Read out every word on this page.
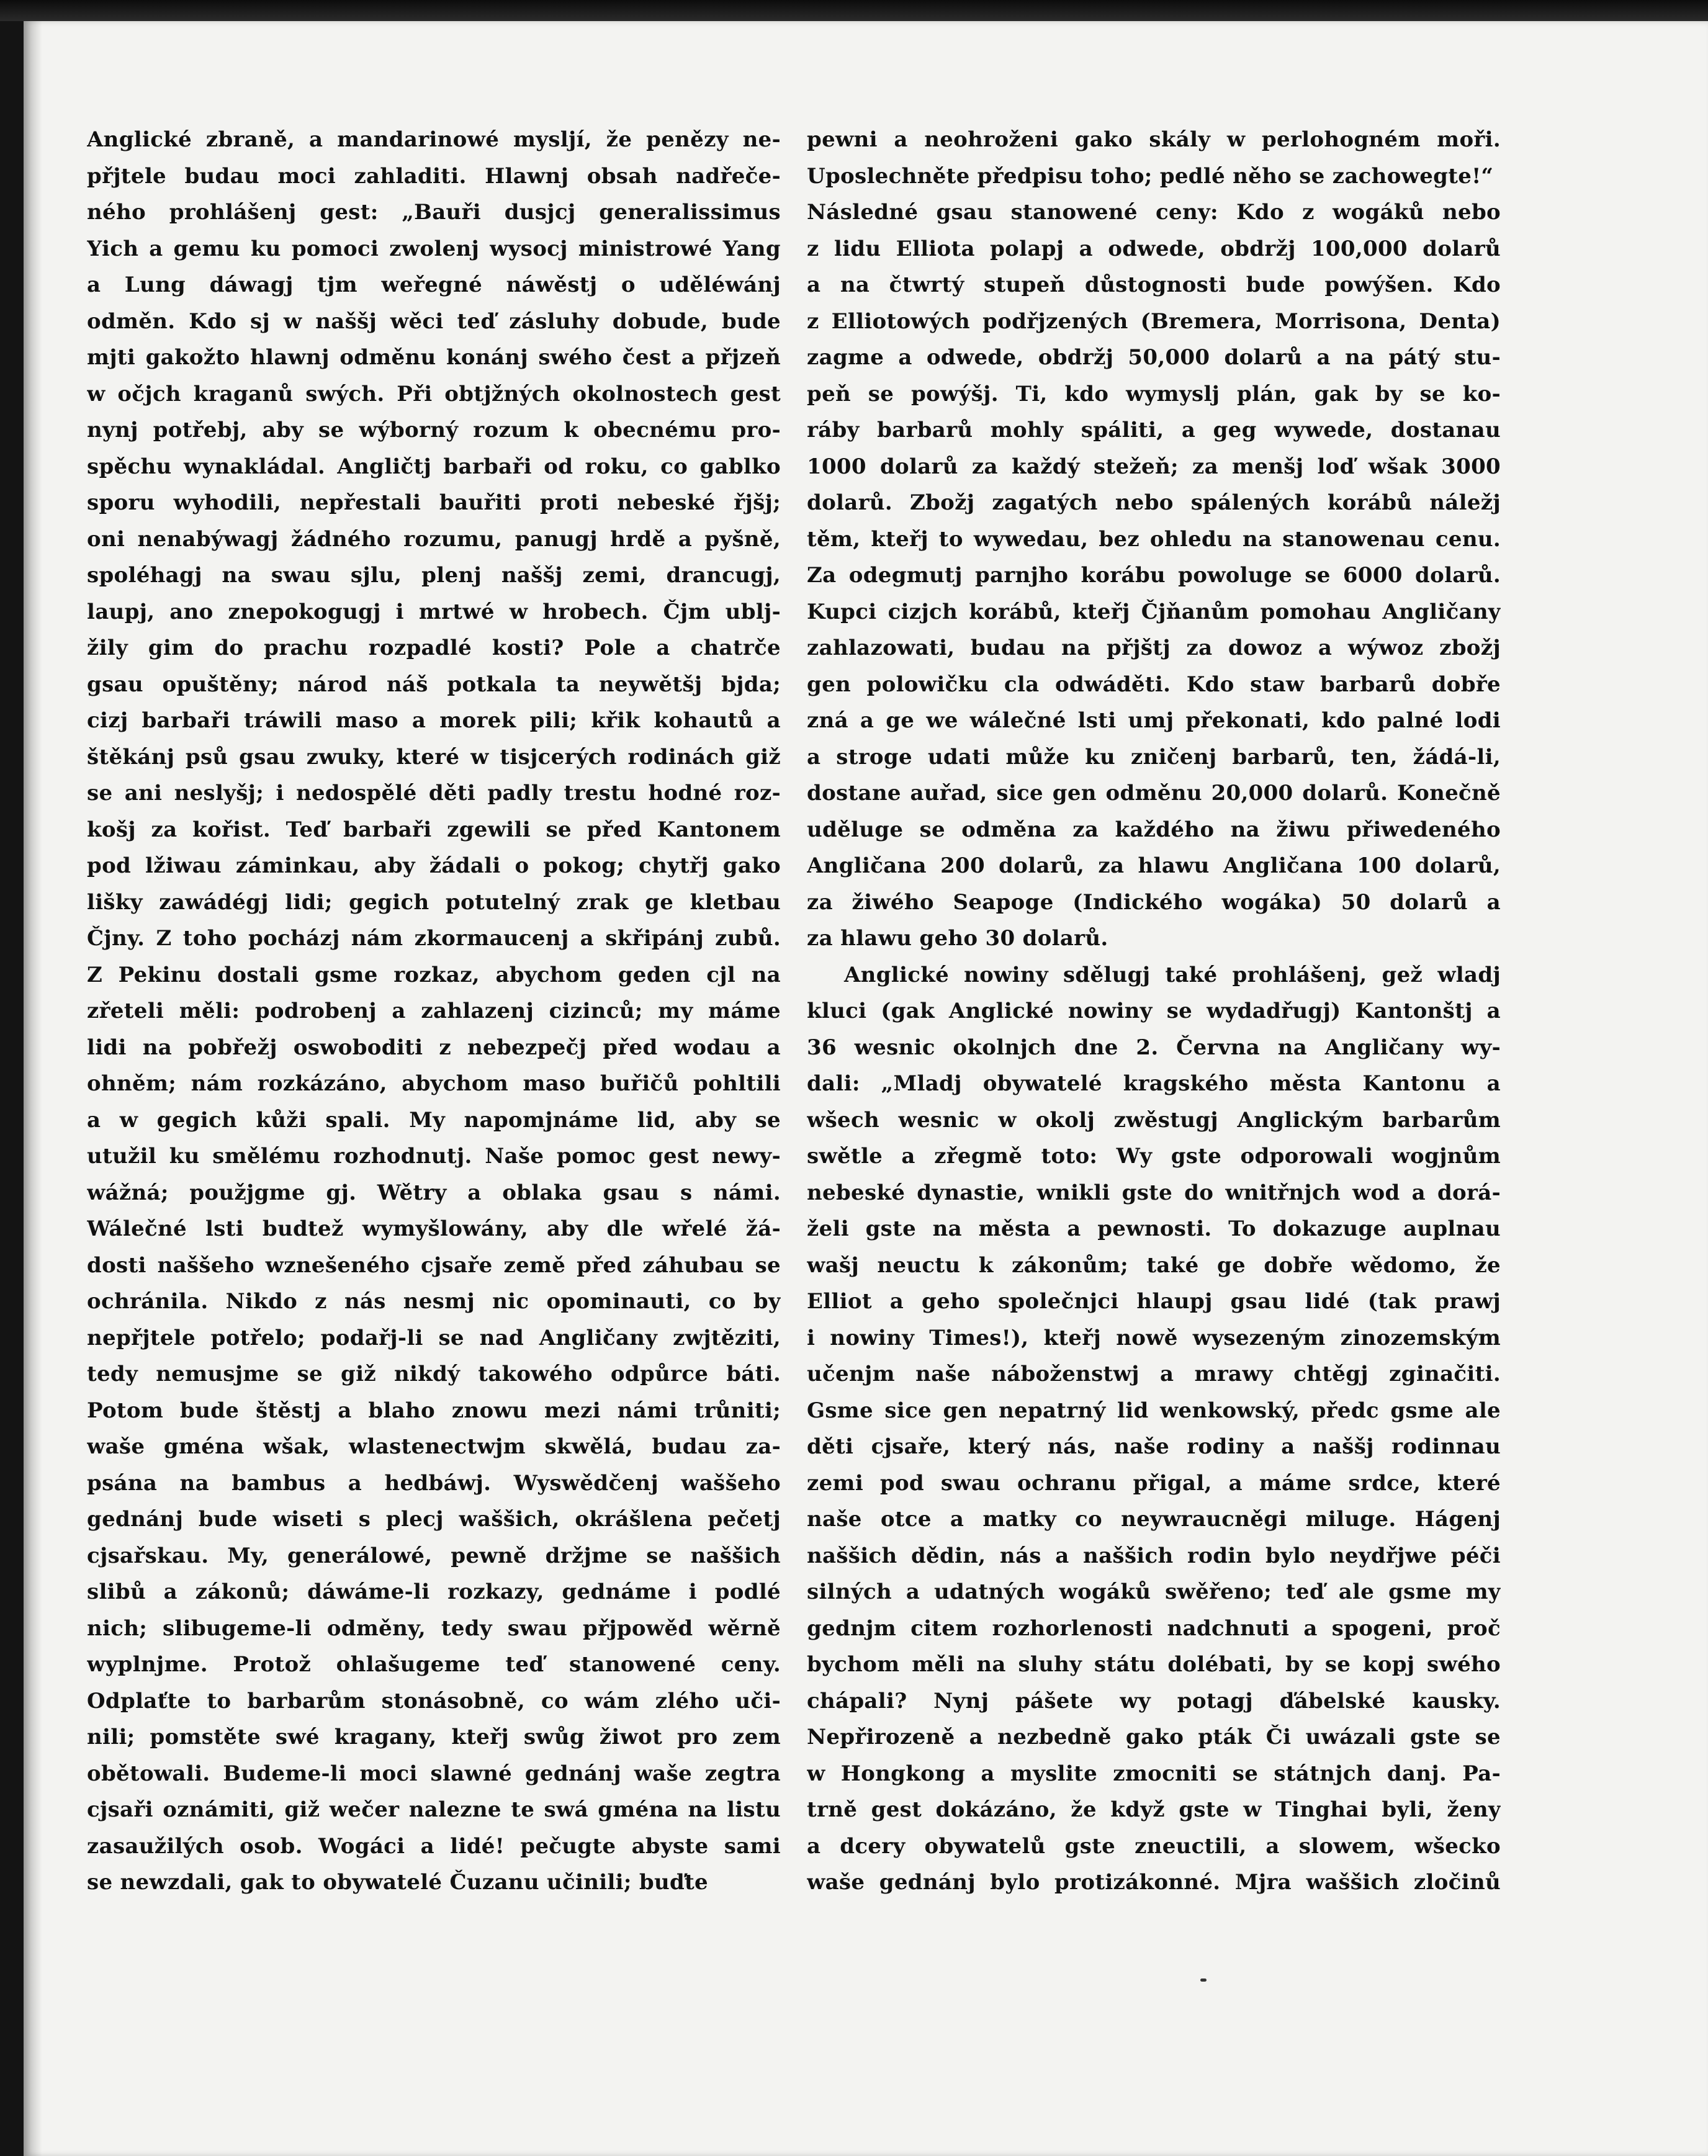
Anglické zbraně, a mandarinowé mysljí, že penězy ne-
přjtele budau moci zahladiti. Hlawnj obsah nadřeče-
ného prohlášenj gest: „Bauři dusjcj generalissimus
Yich a gemu ku pomoci zwolenj wysocj ministrowé Yang
a Lung dáwagj tjm weřegné náwěstj o uděléwánj
odměn. Kdo sj w naššj wěci teď zásluhy dobude, bude
mjti gakožto hlawnj odměnu konánj swého čest a přjzeň
w očjch kraganů swých. Při obtjžných okolnostech gest
nynj potřebj, aby se wýborný rozum k obecnému pro-
spěchu wynakládal. Angličtj barbaři od roku, co gablko
sporu wyhodili, nepřestali bauřiti proti nebeské řjšj;
oni nenabýwagj žádného rozumu, panugj hrdě a pyšně,
spoléhagj na swau sjlu, plenj naššj zemi, drancugj,
laupj, ano znepokogugj i mrtwé w hrobech. Čjm ublj-
žily gim do prachu rozpadlé kosti? Pole a chatrče
gsau opuštěny; národ náš potkala ta neywětšj bjda;
cizj barbaři tráwili maso a morek pili; křik kohautů a
štěkánj psů gsau zwuky, které w tisjcerých rodinách giž
se ani neslyšj; i nedospělé děti padly trestu hodné roz-
košj za kořist. Teď barbaři zgewili se před Kantonem
pod lžiwau záminkau, aby žádali o pokog; chytřj gako
lišky zawádégj lidi; gegich potutelný zrak ge kletbau
Čjny. Z toho pocházj nám zkormaucenj a skřipánj zubů.
Z Pekinu dostali gsme rozkaz, abychom geden cjl na
zřeteli měli: podrobenj a zahlazenj cizinců; my máme
lidi na pobřežj oswoboditi z nebezpečj před wodau a
ohněm; nám rozkázáno, abychom maso buřičů pohltili
a w gegich kůži spali. My napomjnáme lid, aby se
utužil ku smělému rozhodnutj. Naše pomoc gest newy-
wážná; použjgme gj. Wětry a oblaka gsau s námi.
Wálečné lsti budtež wymyšlowány, aby dle wřelé žá-
dosti naššeho wznešeného cjsaře země před záhubau se
ochránila. Nikdo z nás nesmj nic opominauti, co by
nepřjtele potřelo; podařj-li se nad Angličany zwjtěziti,
tedy nemusjme se giž nikdý takowého odpůrce báti.
Potom bude štěstj a blaho znowu mezi námi trůniti;
waše gména wšak, wlastenectwjm skwělá, budau za-
psána na bambus a hedbáwj. Wyswědčenj waššeho
gednánj bude wiseti s plecj waššich, okrášlena pečetj
cjsařskau. My, generálowé, pewně držjme se naššich
slibů a zákonů; dáwáme-li rozkazy, gednáme i podlé
nich; slibugeme-li odměny, tedy swau přjpowěd wěrně
wyplnjme. Protož ohlašugeme teď stanowené ceny.
Odplaťte to barbarům stonásobně, co wám zlého uči-
nili; pomstěte swé kragany, kteřj swůg žiwot pro zem
obětowali. Budeme-li moci slawné gednánj waše zegtra
cjsaři oznámiti, giž wečer nalezne te swá gména na listu
zasaužilých osob. Wogáci a lidé! pečugte abyste sami
se newzdali, gak to obywatelé Čuzanu učinili; buďte
pewni a neohroženi gako skály w perlohogném moři.
Uposlechněte předpisu toho; pedlé něho se zachowegte!“
Následné gsau stanowené ceny: Kdo z wogáků nebo
z lidu Elliota polapj a odwede, obdržj 100,000 dolarů
a na čtwrtý stupeň důstognosti bude powýšen. Kdo
z Elliotowých podřjzených (Bremera, Morrisona, Denta)
zagme a odwede, obdržj 50,000 dolarů a na pátý stu-
peň se powýšj. Ti, kdo wymyslj plán, gak by se ko-
ráby barbarů mohly spáliti, a geg wywede, dostanau
1000 dolarů za každý stežeň; za menšj loď wšak 3000
dolarů. Zbožj zagatých nebo spálených korábů náležj
těm, kteřj to wywedau, bez ohledu na stanowenau cenu.
Za odegmutj parnjho korábu powoluge se 6000 dolarů.
Kupci cizjch korábů, kteřj Čjňanům pomohau Angličany
zahlazowati, budau na přjštj za dowoz a wýwoz zbožj
gen polowičku cla odwáděti. Kdo staw barbarů dobře
zná a ge we wálečné lsti umj překonati, kdo palné lodi
a stroge udati může ku zničenj barbarů, ten, žádá-li,
dostane auřad, sice gen odměnu 20,000 dolarů. Konečně
uděluge se odměna za každého na žiwu přiwedeného
Angličana 200 dolarů, za hlawu Angličana 100 dolarů,
za žiwého Seapoge (Indického wogáka) 50 dolarů a
za hlawu geho 30 dolarů.
Anglické nowiny sdělugj také prohlášenj, gež wladj
kluci (gak Anglické nowiny se wydadřugj) Kantonštj a
36 wesnic okolnjch dne 2. Června na Angličany wy-
dali: „Mladj obywatelé kragského města Kantonu a
wšech wesnic w okolj zwěstugj Anglickým barbarům
swětle a zřegmě toto: Wy gste odporowali wogjnům
nebeské dynastie, wnikli gste do wnitřnjch wod a dorá-
želi gste na města a pewnosti. To dokazuge auplnau
wašj neuctu k zákonům; také ge dobře wědomo, že
Elliot a geho společnjci hlaupj gsau lidé (tak prawj
i nowiny Times!), kteřj nowě wysezeným zinozemským
učenjm naše náboženstwj a mrawy chtěgj zginačiti.
Gsme sice gen nepatrný lid wenkowský, předc gsme ale
děti cjsaře, který nás, naše rodiny a naššj rodinnau
zemi pod swau ochranu přigal, a máme srdce, které
naše otce a matky co neywraucněgi miluge. Hágenj
naššich dědin, nás a naššich rodin bylo neydřjwe péči
silných a udatných wogáků swěřeno; teď ale gsme my
gednjm citem rozhorlenosti nadchnuti a spogeni, proč
bychom měli na sluhy státu dolébati, by se kopj swého
chápali? Nynj pášete wy potagj ďábelské kausky.
Nepřirozeně a nezbedně gako pták Či uwázali gste se
w Hongkong a myslite zmocniti se státnjch danj. Pa-
trně gest dokázáno, že když gste w Tinghai byli, ženy
a dcery obywatelů gste zneuctili, a slowem, wšecko
waše gednánj bylo protizákonné. Mjra waššich zločinů
